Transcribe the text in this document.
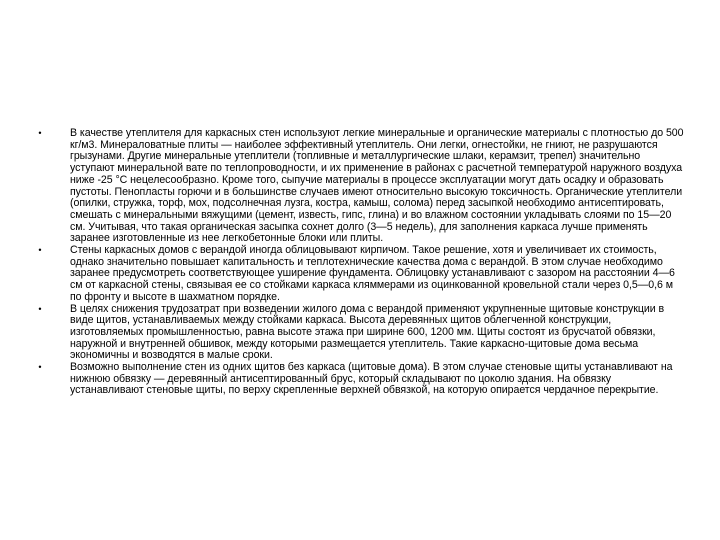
•	В качестве утеплителя для каркасных стен используют легкие минеральные и органические материалы с плотностью до 500 кг/м3. Минераловатные плиты — наиболее эффективный утеплитель. Они легки, огнестойки, не гниют, не разрушаются грызунами. Другие минеральные утеплители (топливные и металлургические шлаки, керамзит, трепел) значительно уступают минеральной вате по теплопроводности, и их применение в районах с расчетной температурой наружного воздуха ниже -25 °С нецелесообразно. Кроме того, сыпучие материалы в процессе эксплуатации могут дать осадку и образовать пустоты. Пенопласты горючи и в большинстве случаев имеют относительно высокую токсичность. Органические утеплители (опилки, стружка, торф, мох, подсолнечная лузга, костра, камыш, солома) перед засыпкой необходимо антисептировать, смешать с минеральными вяжущими (цемент, известь, гипс, глина) и во влажном состоянии укладывать слоями по 15—20 см. Учитывая, что такая органическая засыпка сохнет долго (3—5 недель), для заполнения каркаса лучше применять заранее изготовленные из нее легкобетонные блоки или плиты.
•	Стены каркасных домов с верандой иногда облицовывают кирпичом. Такое решение, хотя и увеличивает их стоимость, однако значительно повышает капитальность и теплотехнические качества дома с верандой. В этом случае необходимо заранее предусмотреть соответствующее уширение фундамента. Облицовку устанавливают с зазором на расстоянии 4—6 см от каркасной стены, связывая ее со стойками каркаса кляммерами из оцинкованной кровельной стали через 0,5—0,6 м по фронту и высоте в шахматном порядке.
•	В целях снижения трудозатрат при возведении жилого дома с верандой применяют укрупненные щитовые конструкции в виде щитов, устанавливаемых между стойками каркаса. Высота деревянных щитов облегченной конструкции, изготовляемых промышленностью, равна высоте этажа при ширине 600, 1200 мм. Щиты состоят из брусчатой обвязки, наружной и внутренней обшивок, между которыми размещается утеплитель. Такие каркасно-щитовые дома весьма экономичны и возводятся в малые сроки.
•	Возможно выполнение стен из одних щитов без каркаса (щитовые дома). В этом случае стеновые щиты устанавливают на нижнюю обвязку — деревянный антисептированный брус, который складывают по цоколю здания. На обвязку устанавливают стеновые щиты, по верху скрепленные верхней обвязкой, на которую опирается чердачное перекрытие.
